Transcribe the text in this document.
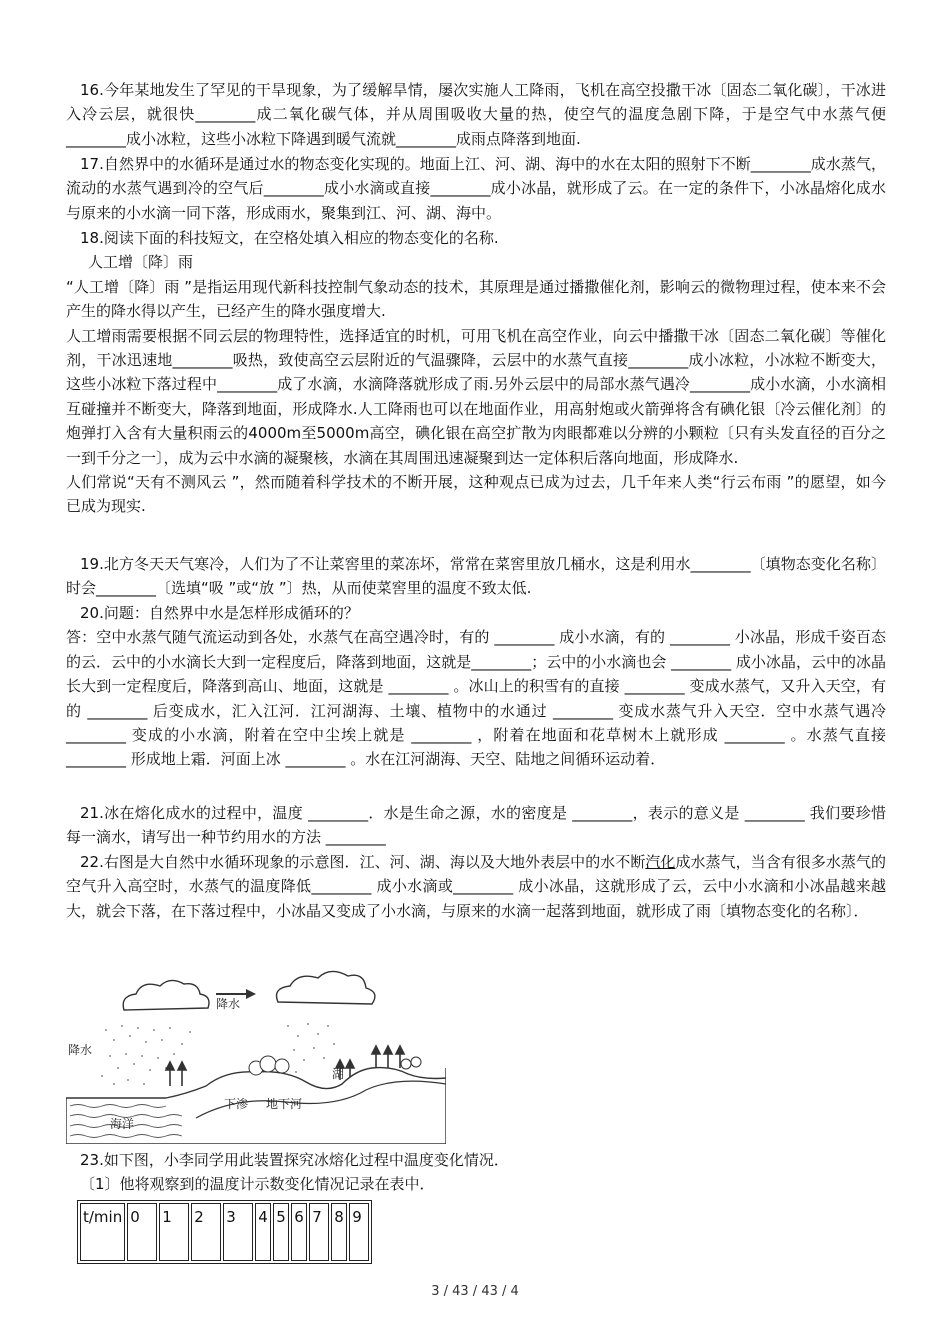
16.今年某地发生了罕见的干旱现象，为了缓解旱情，屡次实施人工降雨，飞机在高空投撒干冰〔固态二氧化碳〕，干冰进入冷云层，就很快________成二氧化碳气体，并从周围吸收大量的热，使空气的温度急剧下降，于是空气中水蒸气便________成小冰粒，这些小冰粒下降遇到暖气流就________成雨点降落到地面.

17.自然界中的水循环是通过水的物态变化实现的。地面上江、河、湖、海中的水在太阳的照射下不断________成水蒸气，流动的水蒸气遇到冷的空气后________成小水滴或直接________成小冰晶，就形成了云。在一定的条件下，小冰晶熔化成水与原来的小水滴一同下落，形成雨水，聚集到江、河、湖、海中。

18.阅读下面的科技短文，在空格处填入相应的物态变化的名称.

人工增〔降〕雨

“人工增〔降〕雨 ”是指运用现代新科技控制气象动态的技术，其原理是通过播撒催化剂，影响云的微物理过程，使本来不会产生的降水得以产生，已经产生的降水强度增大.

人工增雨需要根据不同云层的物理特性，选择适宜的时机，可用飞机在高空作业，向云中播撒干冰〔固态二氧化碳〕等催化剂，干冰迅速地________吸热，致使高空云层附近的气温骤降，云层中的水蒸气直接________成小冰粒，小冰粒不断变大，这些小冰粒下落过程中________成了水滴，水滴降落就形成了雨.另外云层中的局部水蒸气遇冷________成小水滴，小水滴相互碰撞并不断变大，降落到地面，形成降水.人工降雨也可以在地面作业，用高射炮或火箭弹将含有碘化银〔冷云催化剂〕的炮弹打入含有大量积雨云的4000m至5000m高空，碘化银在高空扩散为肉眼都难以分辨的小颗粒〔只有头发直径的百分之一到千分之一〕，成为云中水滴的凝聚核，水滴在其周围迅速凝聚到达一定体积后落向地面，形成降水.

人们常说“天有不测风云 ”，然而随着科学技术的不断开展，这种观点已成为过去，几千年来人类“行云布雨 ”的愿望，如今已成为现实.

19.北方冬天天气寒冷，人们为了不让菜窖里的菜冻坏，常常在菜窖里放几桶水，这是利用水________〔填物态变化名称〕时会________〔选填“吸 ”或“放 ”〕热，从而使菜窖里的温度不致太低.

20.问题：自然界中水是怎样形成循环的？

答：空中水蒸气随气流运动到各处，水蒸气在高空遇冷时，有的 ________ 成小水滴，有的 ________ 小冰晶，形成千姿百态的云．云中的小水滴长大到一定程度后，降落到地面，这就是________；云中的小水滴也会 ________ 成小冰晶，云中的冰晶长大到一定程度后，降落到高山、地面，这就是 ________ 。冰山上的积雪有的直接 ________ 变成水蒸气，又升入天空，有的 ________ 后变成水，汇入江河．江河湖海、土壤、植物中的水通过 ________ 变成水蒸气升入天空．空中水蒸气遇冷 ________ 变成的小水滴，附着在空中尘埃上就是 ________ ，附着在地面和花草树木上就形成 ________ 。水蒸气直接 ________ 形成地上霜．河面上冰 ________ 。水在江河湖海、天空、陆地之间循环运动着．

21.冰在熔化成水的过程中，温度 ________．水是生命之源，水的密度是 ________，表示的意义是 ________ 我们要珍惜每一滴水，请写出一种节约用水的方法 ________

22.右图是大自然中水循环现象的示意图．江、河、湖、海以及大地外表层中的水不断汽化成水蒸气，当含有很多水蒸气的空气升入高空时，水蒸气的温度降低________ 成小水滴或________ 成小冰晶，这就形成了云，云中小水滴和小冰晶越来越大，就会下落，在下落过程中，小冰晶又变成了小水滴，与原来的水滴一起落到地面，就形成了雨〔填物态变化的名称〕．

降水
降水
海洋
下渗 地下河
湖

23.如下图，小李同学用此装置探究冰熔化过程中温度变化情况．

〔1〕他将观察到的温度计示数变化情况记录在表中．

t/min	0	1	2	3	4	5	6	7	8	9
3 / 43 / 43 / 4
